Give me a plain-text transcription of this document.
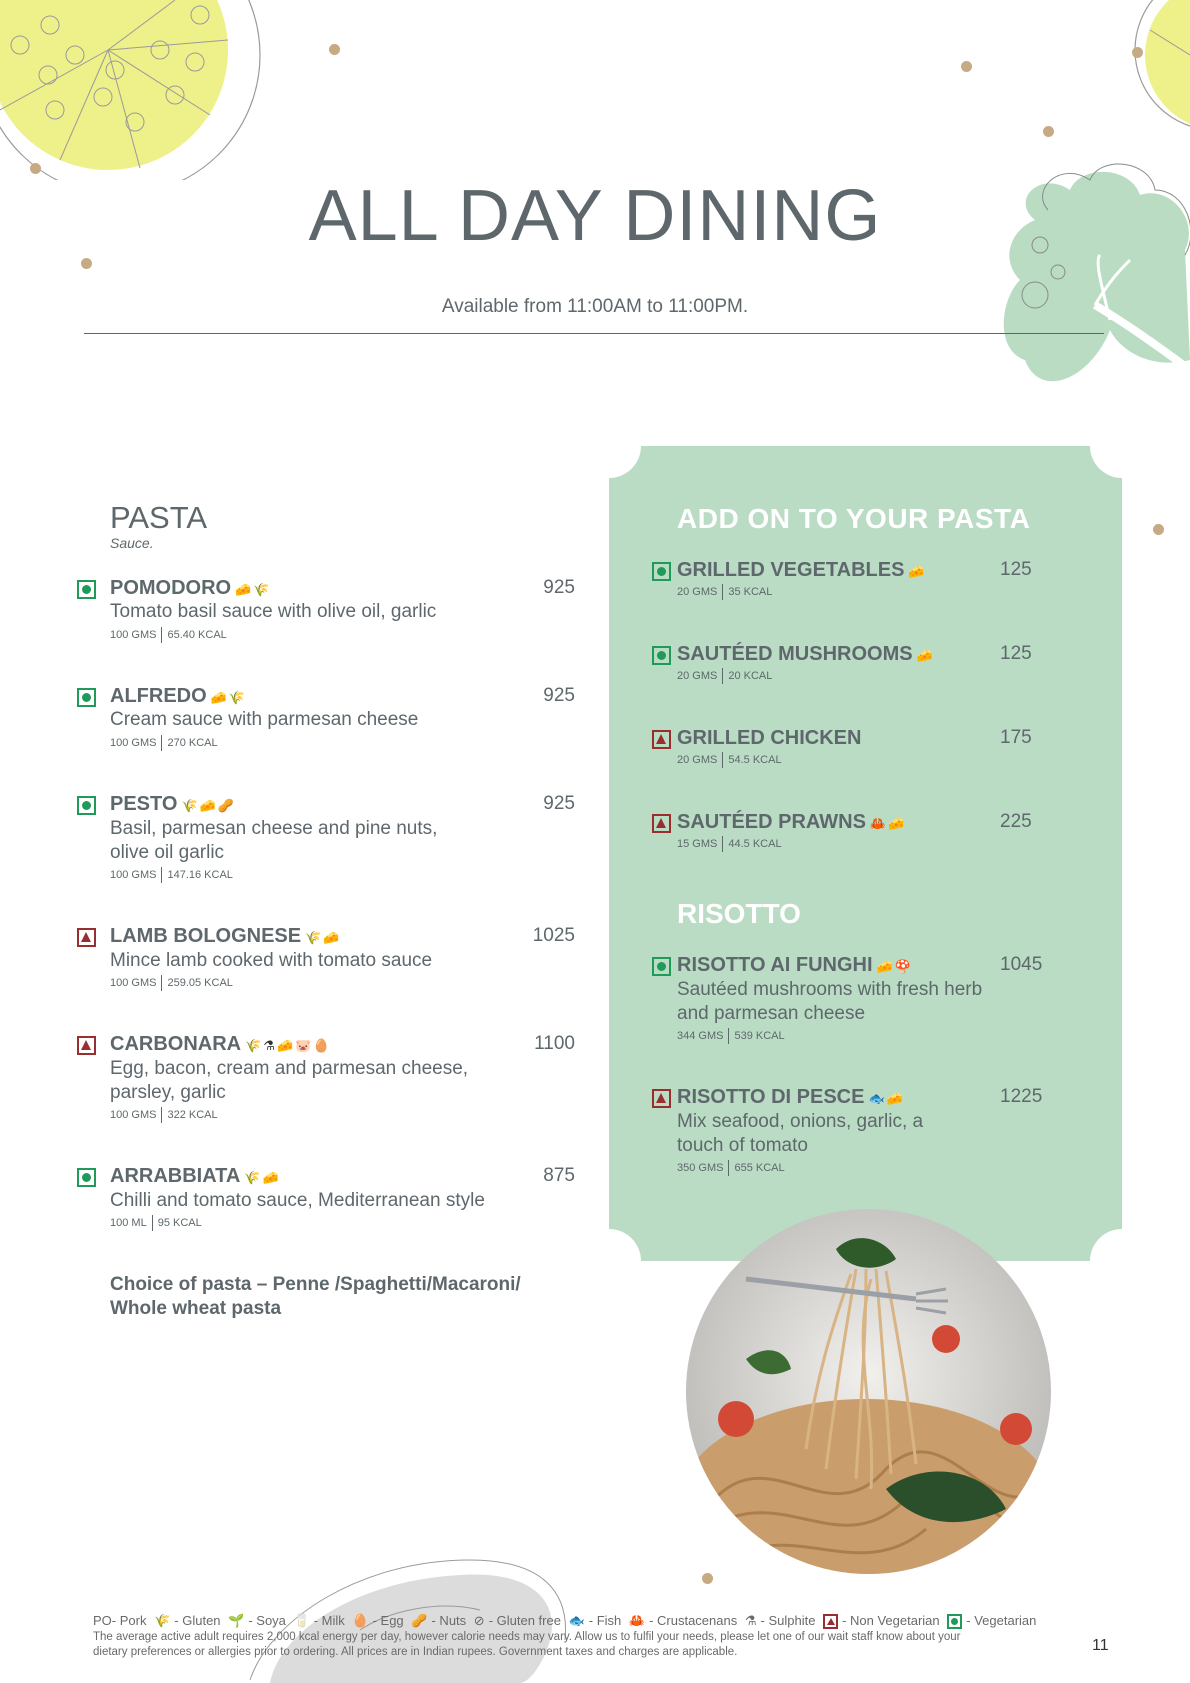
ALL DAY DINING
Available from 11:00AM to 11:00PM.
PASTA
Sauce.
POMODORO 🧀🌾	925
Tomato basil sauce with olive oil, garlic
100 GMS 65.40 KCAL
ALFREDO 🧀🌾	925
Cream sauce with parmesan cheese
100 GMS 270 KCAL
PESTO 🌾🧀🥜	925
Basil, parmesan cheese and pine nuts,
olive oil garlic
100 GMS 147.16 KCAL
LAMB BOLOGNESE 🌾🧀	1025
Mince lamb cooked with tomato sauce
100 GMS 259.05 KCAL
CARBONARA 🌾⚗🧀🐷🥚	1100
Egg, bacon, cream and parmesan cheese,
parsley, garlic
100 GMS 322 KCAL
ARRABBIATA 🌾🧀	875
Chilli and tomato sauce, Mediterranean style
100 ML 95 KCAL
Choice of pasta – Penne /Spaghetti/Macaroni/
Whole wheat pasta
ADD ON TO YOUR PASTA
GRILLED VEGETABLES 🧀	125
20 GMS 35 KCAL
SAUTÉED MUSHROOMS 🧀	125
20 GMS 20 KCAL
GRILLED CHICKEN	175
20 GMS 54.5 KCAL
SAUTÉED PRAWNS 🦀🧀	225
15 GMS 44.5 KCAL
RISOTTO
RISOTTO AI FUNGHI 🧀🍄	1045
Sautéed mushrooms with fresh herb
and parmesan cheese
344 GMS 539 KCAL
RISOTTO DI PESCE 🐟🧀	1225
Mix seafood, onions, garlic, a
touch of tomato
350 GMS 655 KCAL
PO- Pork 🌾 - Gluten 🌱 - Soya 🥛 - Milk 🥚 - Egg 🥜 - Nuts ⊘ - Gluten free 🐟 - Fish 🦀 - Crustacenans ⚗ - Sulphite - Non Vegetarian - Vegetarian
The average active adult requires 2,000 kcal energy per day, however calorie needs may vary. Allow us to fulfil your needs, please let one of our wait staff know about your
dietary preferences or allergies prior to ordering. All prices are in Indian rupees. Government taxes and charges are applicable.	11
